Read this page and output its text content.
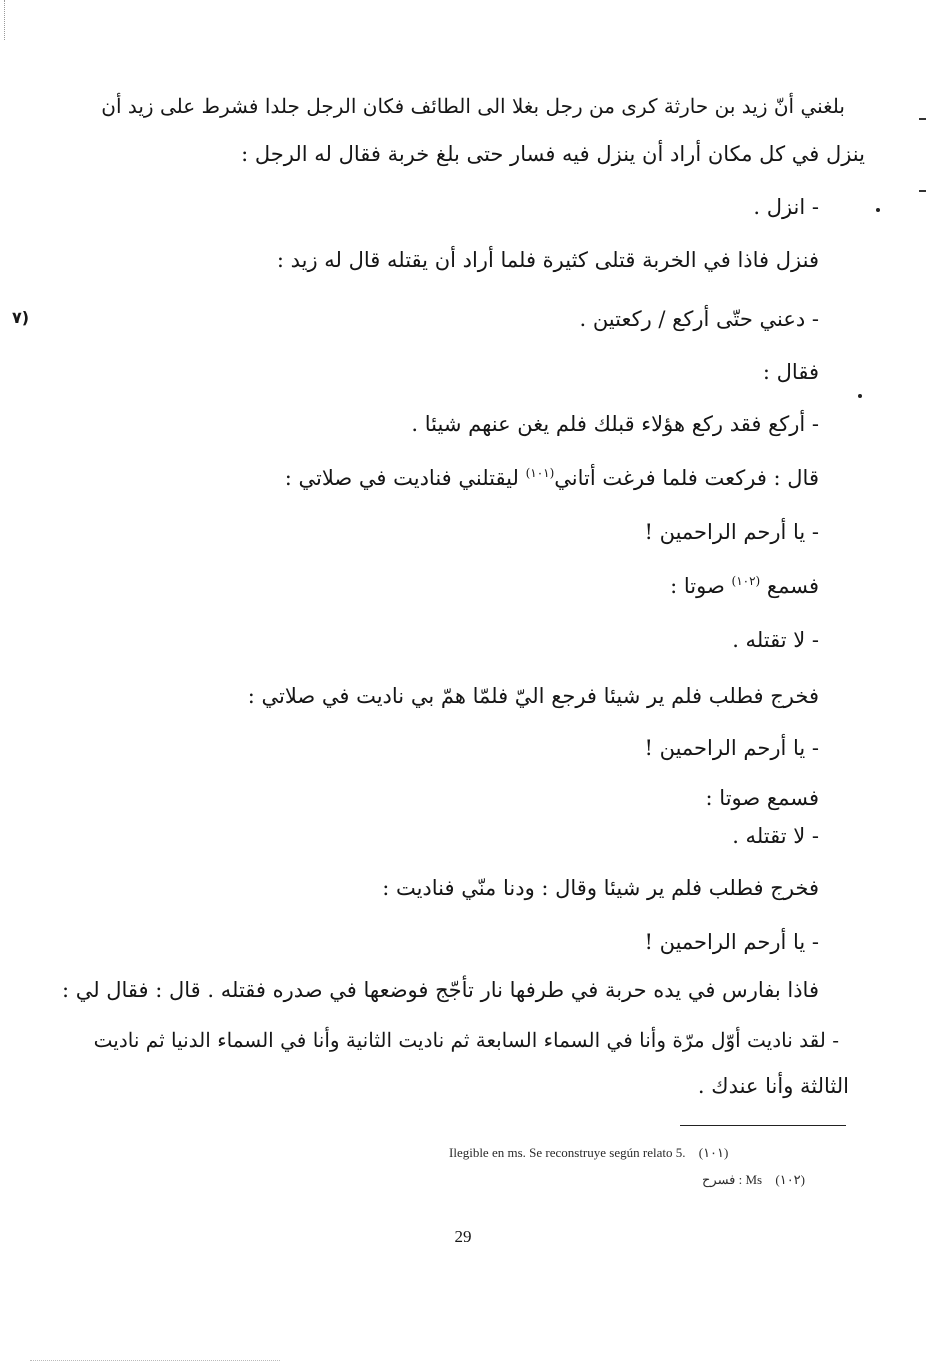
٧)
بلغني أنّ زيد بن حارثة كرى من رجل بغلا الى الطائف فكان الرجل جلدا فشرط على زيد أن
ينزل في كل مكان أراد أن ينزل فيه فسار حتى بلغ خربة فقال له الرجل :
- انزل .
فنزل فاذا في الخربة قتلى كثيرة فلما أراد أن يقتله قال له زيد :
- دعني حتّى أركع / ركعتين .
فقال :
- أركع فقد ركع هؤلاء قبلك فلم يغن عنهم شيئا .
قال : فركعت فلما فرغت أتاني$^{(١٠١)}$ ليقتلني فناديت في صلاتي :
- يا أرحم الراحمين !
فسمع $^{(١٠٢)}$ صوتا :
- لا تقتله .
فخرج فطلب فلم ير شيئا فرجع اليّ فلمّا همّ بي ناديت في صلاتي :
- يا أرحم الراحمين !
فسمع صوتا :
- لا تقتله .
فخرج فطلب فلم ير شيئا وقال : ودنا منّي فناديت :
- يا أرحم الراحمين !
فاذا بفارس في يده حربة في طرفها نار تأجّج فوضعها في صدره فقتله . قال : فقال لي :
- لقد ناديت أوّل مرّة وأنا في السماء السابعة ثم ناديت الثانية وأنا في السماء الدنيا ثم ناديت
الثالثة وأنا عندك .
Ilegible en ms. Se reconstruye según relato 5. (١٠١)
فسرح : Ms (١٠٢)
29
